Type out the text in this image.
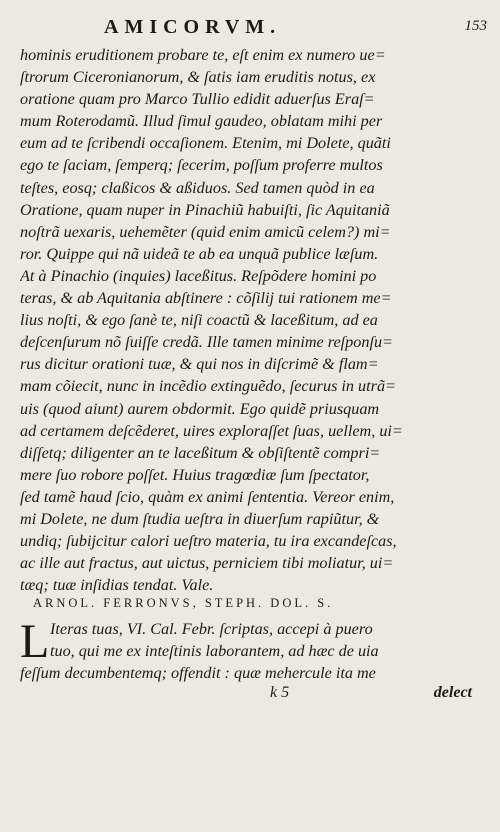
AMICORVM.	153
hominis eruditionem probare te, eſt enim ex numero ue=
ſtrorum Ciceronianorum, & ſatis iam eruditis notus, ex
oratione quam pro Marco Tullio edidit aduerſus Eraſ=
mum Roterodamũ. Illud ſimul gaudeo, oblatam mihi per
eum ad te ſcribendi occaſionem. Etenim, mi Dolete, quãti
ego te ſaciam, ſemperq; ſecerim, poſſum proferre multos
teſtes, eosq; claßicos & aßiduos. Sed tamen quòd in ea
Oratione, quam nuper in Pinachiũ habuiſti, ſic Aquitaniã
noſtrã uexaris, uehemẽter (quid enim amicũ celem?) mi=
ror. Quippe qui nã uideã te ab ea unquã publice læſum.
At à Pinachio (inquies) laceßitus. Reſpõdere homini po
teras, & ab Aquitania abſtinere : cõſilij tui rationem me=
lius noſti, & ego ſanè te, niſi coactũ & laceßitum, ad ea
deſcenſurum nõ ſuiſſe credã. Ille tamen minime reſponſu=
rus dicitur orationi tuæ, & qui nos in diſcrimẽ & flam=
mam cõiecit, nunc in incẽdio extinguẽdo, ſecurus in utrã=
uis (quod aiunt) aurem obdormit. Ego quidẽ priusquam
ad certamem deſcẽderet, uires exploraſſet ſuas, uellem, ui=
diſſetq; diligenter an te laceßitum & obſiſtentẽ compri=
mere ſuo robore poſſet. Huius tragœdiæ ſum ſpectator,
ſed tamẽ haud ſcio, quàm ex animi ſententia. Vereor enim,
mi Dolete, ne dum ſtudia ueſtra in diuerſum rapiũtur, &
undiq; ſubijcitur calori ueſtro materia, tu ira excandeſcas,
ac ille aut fractus, aut uictus, perniciem tibi moliatur, ui=
tæq; tuæ inſidias tendat. Vale.
ARNOL. FERRONVS, STEPH. DOL. S.
L Iteras tuas, VI. Cal. Febr. ſcriptas, accepi à puero
tuo, qui me ex inteſtinis laborantem, ad hæc de uia
feſſum decumbentemq; offendit : quæ mehercule ita me
k 5	delect
